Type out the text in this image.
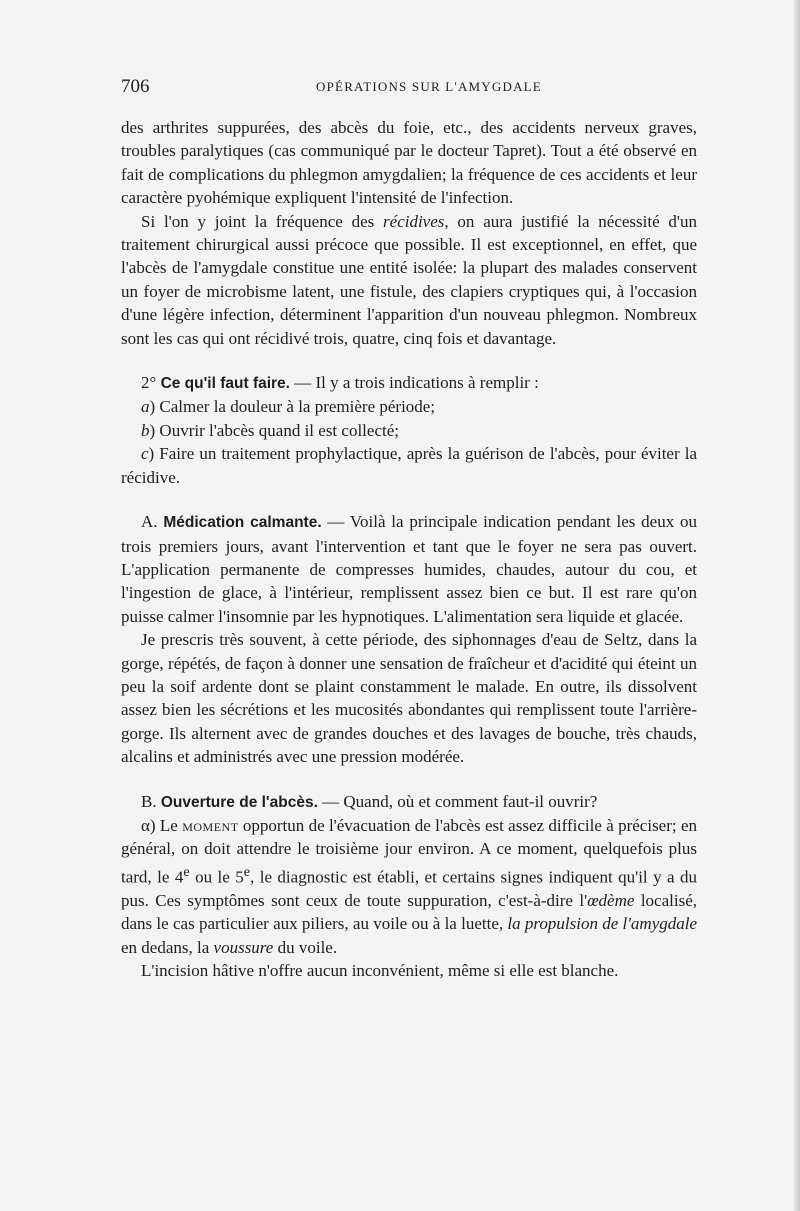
706	OPÉRATIONS SUR L'AMYGDALE

des arthrites suppurées, des abcès du foie, etc., des accidents nerveux graves, troubles paralytiques (cas communiqué par le docteur Tapret). Tout a été observé en fait de complications du phlegmon amygdalien; la fréquence de ces accidents et leur caractère pyohémique expliquent l'intensité de l'infection.

Si l'on y joint la fréquence des récidives, on aura justifié la nécessité d'un traitement chirurgical aussi précoce que possible. Il est exceptionnel, en effet, que l'abcès de l'amygdale constitue une entité isolée: la plupart des malades conservent un foyer de microbisme latent, une fistule, des clapiers cryptiques qui, à l'occasion d'une légère infection, déterminent l'apparition d'un nouveau phlegmon. Nombreux sont les cas qui ont récidivé trois, quatre, cinq fois et davantage.

2° Ce qu'il faut faire. — Il y a trois indications à remplir :

a) Calmer la douleur à la première période;

b) Ouvrir l'abcès quand il est collecté;

c) Faire un traitement prophylactique, après la guérison de l'abcès, pour éviter la récidive.

A. Médication calmante. — Voilà la principale indication pendant les deux ou trois premiers jours, avant l'intervention et tant que le foyer ne sera pas ouvert. L'application permanente de compresses humides, chaudes, autour du cou, et l'ingestion de glace, à l'intérieur, remplissent assez bien ce but. Il est rare qu'on puisse calmer l'insomnie par les hypnotiques. L'alimentation sera liquide et glacée.

Je prescris très souvent, à cette période, des siphonnages d'eau de Seltz, dans la gorge, répétés, de façon à donner une sensation de fraîcheur et d'acidité qui éteint un peu la soif ardente dont se plaint constamment le malade. En outre, ils dissolvent assez bien les sécrétions et les mucosités abondantes qui remplissent toute l'arrière-gorge. Ils alternent avec de grandes douches et des lavages de bouche, très chauds, alcalins et administrés avec une pression modérée.

B. Ouverture de l'abcès. — Quand, où et comment faut-il ouvrir?

α) Le moment opportun de l'évacuation de l'abcès est assez difficile à préciser; en général, on doit attendre le troisième jour environ. A ce moment, quelquefois plus tard, le 4e ou le 5e, le diagnostic est établi, et certains signes indiquent qu'il y a du pus. Ces symptômes sont ceux de toute suppuration, c'est-à-dire l'œdème localisé, dans le cas particulier aux piliers, au voile ou à la luette, la propulsion de l'amygdale en dedans, la voussure du voile.

L'incision hâtive n'offre aucun inconvénient, même si elle est blanche.
